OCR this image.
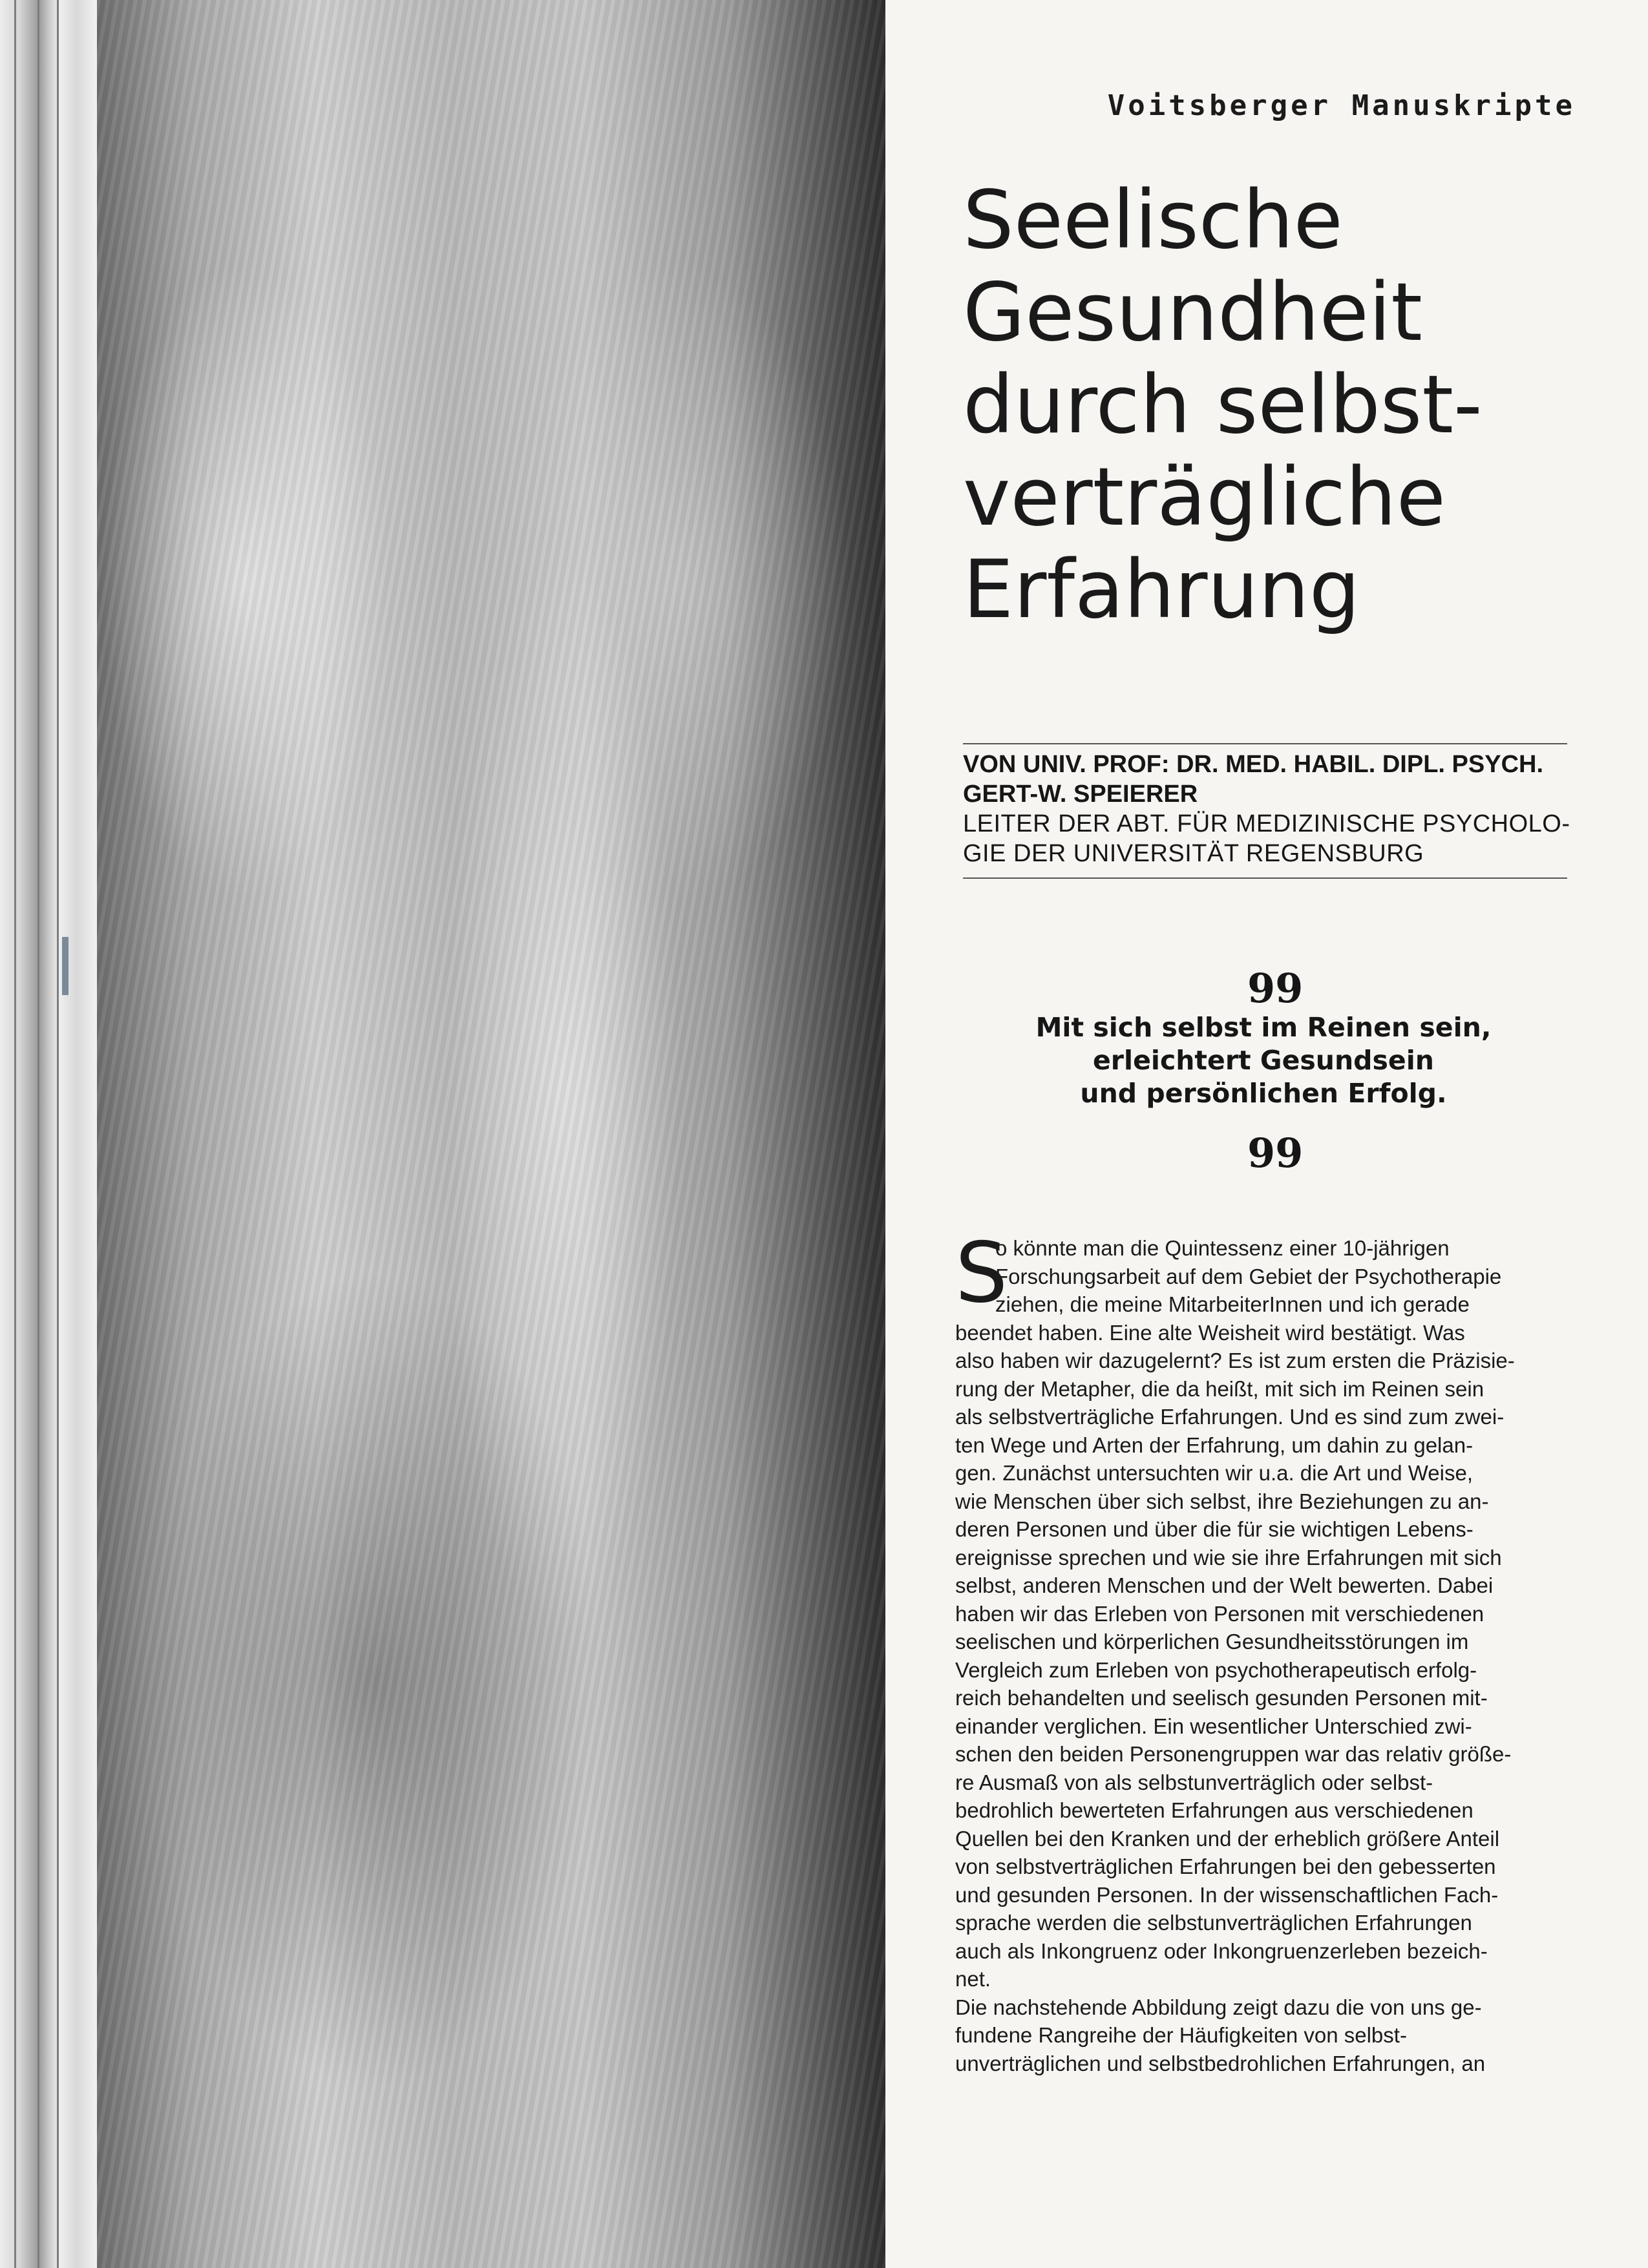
Voitsberger Manuskripte
Seelische
Gesundheit
durch selbst-
verträgliche
Erfahrung
VON UNIV. PROF: DR. MED. HABIL. DIPL. PSYCH.
GERT-W. SPEIERER
LEITER DER ABT. FÜR MEDIZINISCHE PSYCHOLO-
GIE DER UNIVERSITÄT REGENSBURG
99
Mit sich selbst im Reinen sein,
erleichtert Gesundsein
und persönlichen Erfolg.
99
S
o könnte man die Quintessenz einer 10-jährigen
Forschungsarbeit auf dem Gebiet der Psychotherapie
ziehen, die meine MitarbeiterInnen und ich gerade
beendet haben. Eine alte Weisheit wird bestätigt. Was
also haben wir dazugelernt? Es ist zum ersten die Präzisie-
rung der Metapher, die da heißt, mit sich im Reinen sein
als selbstverträgliche Erfahrungen. Und es sind zum zwei-
ten Wege und Arten der Erfahrung, um dahin zu gelan-
gen. Zunächst untersuchten wir u.a. die Art und Weise,
wie Menschen über sich selbst, ihre Beziehungen zu an-
deren Personen und über die für sie wichtigen Lebens-
ereignisse sprechen und wie sie ihre Erfahrungen mit sich
selbst, anderen Menschen und der Welt bewerten. Dabei
haben wir das Erleben von Personen mit verschiedenen
seelischen und körperlichen Gesundheitsstörungen im
Vergleich zum Erleben von psychotherapeutisch erfolg-
reich behandelten und seelisch gesunden Personen mit-
einander verglichen. Ein wesentlicher Unterschied zwi-
schen den beiden Personengruppen war das relativ größe-
re Ausmaß von als selbstunverträglich oder selbst-
bedrohlich bewerteten Erfahrungen aus verschiedenen
Quellen bei den Kranken und der erheblich größere Anteil
von selbstverträglichen Erfahrungen bei den gebesserten
und gesunden Personen. In der wissenschaftlichen Fach-
sprache werden die selbstunverträglichen Erfahrungen
auch als Inkongruenz oder Inkongruenzerleben bezeich-
net.
Die nachstehende Abbildung zeigt dazu die von uns ge-
fundene Rangreihe der Häufigkeiten von selbst-
unverträglichen und selbstbedrohlichen Erfahrungen, an
